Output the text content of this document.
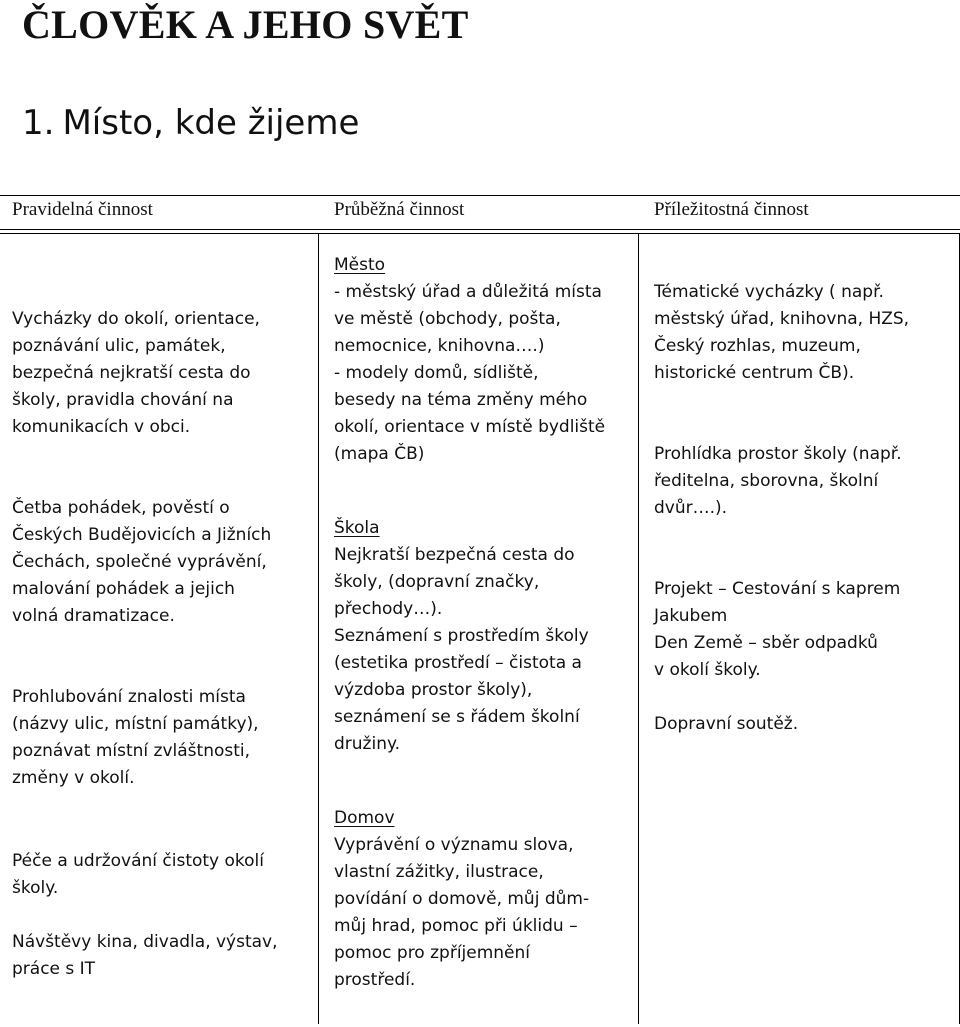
ČLOVĚK A JEHO SVĚT
1. Místo, kde žijeme
Pravidelná činnost	Průběžná činnost	Příležitostná činnost
Vycházky do okolí, orientace,
poznávání ulic, památek,
bezpečná nejkratší cesta do
školy, pravidla chování na
komunikacích v obci.
Četba pohádek, pověstí o
Českých Budějovicích a Jižních
Čechách, společné vyprávění,
malování pohádek a jejich
volná dramatizace.
Prohlubování znalosti místa
(názvy ulic, místní památky),
poznávat místní zvláštnosti,
změny v okolí.
Péče a udržování čistoty okolí
školy.
Návštěvy kina, divadla, výstav,
práce s IT
Město
- městský úřad a důležitá místa
ve městě (obchody, pošta,
nemocnice, knihovna….)
- modely domů, sídliště,
besedy na téma změny mého
okolí, orientace v místě bydliště
(mapa ČB)
Škola
Nejkratší bezpečná cesta do
školy, (dopravní značky,
přechody…).
Seznámení s prostředím školy
(estetika prostředí – čistota a
výzdoba prostor školy),
seznámení se s řádem školní
družiny.
Domov
Vyprávění o významu slova,
vlastní zážitky, ilustrace,
povídání o domově, můj dům-
můj hrad, pomoc při úklidu –
pomoc pro zpříjemnění
prostředí.
Tématické vycházky ( např.
městský úřad, knihovna, HZS,
Český rozhlas, muzeum,
historické centrum ČB).
Prohlídka prostor školy (např.
ředitelna, sborovna, školní
dvůr….).
Projekt – Cestování s kaprem
Jakubem
Den Země – sběr odpadků
v okolí školy.
Dopravní soutěž.
